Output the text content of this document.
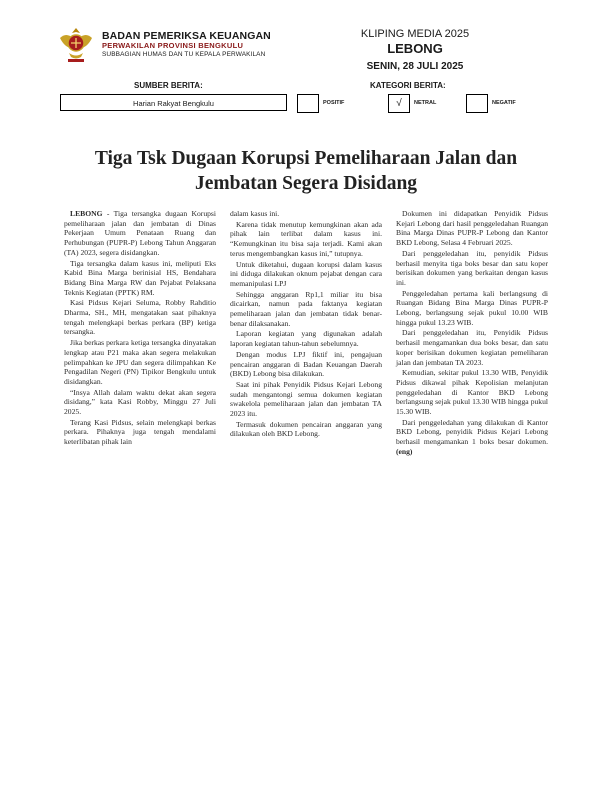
BADAN PEMERIKSA KEUANGAN
PERWAKILAN PROVINSI BENGKULU
SUBBAGIAN HUMAS DAN TU KEPALA PERWAKILAN
KLIPING MEDIA 2025
LEBONG
SENIN, 28 JULI 2025
SUMBER BERITA:
Harian Rakyat Bengkulu
KATEGORI BERITA:
POSITIF	√	NETRAL	NEGATIF
Tiga Tsk Dugaan Korupsi Pemeliharaan Jalan dan Jembatan Segera Disidang

LEBONG - Tiga tersangka dugaan Korupsi pemeliharaan jalan dan jembatan di Dinas Pekerjaan Umum Penataan Ruang dan Perhubungan (PUPR-P) Lebong Tahun Anggaran (TA) 2023, segera disidangkan.

Tiga tersangka dalam kasus ini, meliputi Eks Kabid Bina Marga berinisial HS, Bendahara Bidang Bina Marga RW dan Pejabat Pelaksana Teknis Kegiatan (PPTK) RM.

Kasi Pidsus Kejari Seluma, Robby Rahditio Dharma, SH., MH, mengatakan saat pihaknya tengah melengkapi berkas perkara (BP) ketiga tersangka.

Jika berkas perkara ketiga tersangka dinyatakan lengkap atau P21 maka akan segera melakukan pelimpahkan ke JPU dan segera dilimpahkan Ke Pengadilan Negeri (PN) Tipikor Bengkulu untuk disidangkan.

“Insya Allah dalam waktu dekat akan segera disidang,” kata Kasi Robby, Minggu 27 Juli 2025.

Terang Kasi Pidsus, selain melengkapi berkas perkara. Pihaknya juga tengah mendalami keterlibatan pihak lain

dalam kasus ini.

Karena tidak menutup kemungkinan akan ada pihak lain terlibat dalam kasus ini. “Kemungkinan itu bisa saja terjadi. Kami akan terus mengembangkan kasus ini,” tutupnya.

Untuk diketahui, dugaan korupsi dalam kasus ini diduga dilakukan oknum pejabat dengan cara memanipulasi LPJ

Sehingga anggaran Rp1,1 miliar itu bisa dicairkan, namun pada faktanya kegiatan pemeliharaan jalan dan jembatan tidak benar-benar dilaksanakan.

Laporan kegiatan yang digunakan adalah laporan kegiatan tahun-tahun sebelumnya.

Dengan modus LPJ fiktif ini, pengajuan pencairan anggaran di Badan Keuangan Daerah (BKD) Lebong bisa dilakukan.

Saat ini pihak Penyidik Pidsus Kejari Lebong sudah mengantongi semua dokumen kegiatan swakelola pemeliharaan jalan dan jembatan TA 2023 itu.

Termasuk dokumen pencairan anggaran yang dilakukan oleh BKD Lebong.

Dokumen ini didapatkan Penyidik Pidsus Kejari Lebong dari hasil penggeledahan Ruangan Bina Marga Dinas PUPR-P Lebong dan Kantor BKD Lebong, Selasa 4 Februari 2025.

Dari penggeledahan itu, penyidik Pidsus berhasil menyita tiga boks besar dan satu koper berisikan dokumen yang berkaitan dengan kasus ini.

Penggeledahan pertama kali berlangsung di Ruangan Bidang Bina Marga Dinas PUPR-P Lebong, berlangsung sejak pukul 10.00 WIB hingga pukul 13.23 WIB.

Dari penggeledahan itu, Penyidik Pidsus berhasil mengamankan dua boks besar, dan satu koper berisikan dokumen kegiatan pemeliharan jalan dan jembatan TA 2023.

Kemudian, sekitar pukul 13.30 WIB, Penyidik Pidsus dikawal pihak Kepolisian melanjutan penggeledahan di Kantor BKD Lebong berlangsung sejak pukul 13.30 WIB hingga pukul 15.30 WIB.

Dari penggeledahan yang dilakukan di Kantor BKD Lebong, penyidik Pidsus Kejari Lebong berhasil mengamankan 1 boks besar dokumen. (eng)
